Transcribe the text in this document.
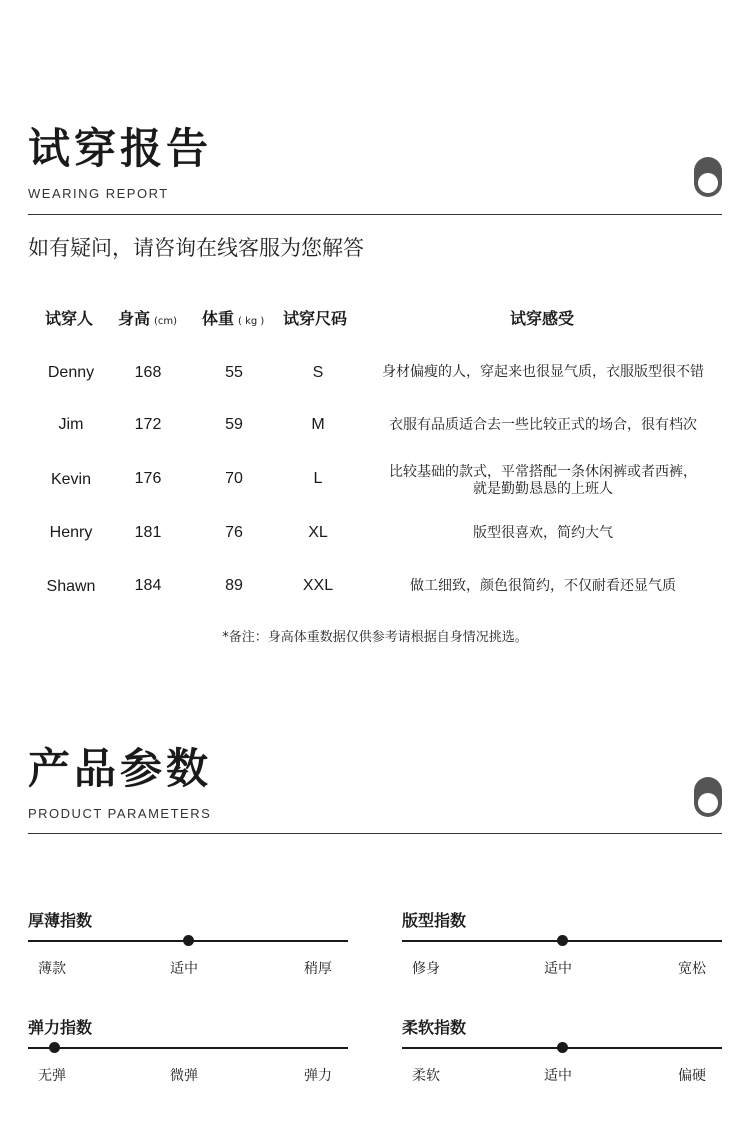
试穿报告
WEARING REPORT
如有疑问，请咨询在线客服为您解答
试穿人 身高 (cm) 体重 ( kg ) 试穿尺码	试穿感受
Denny	168	55	S	身材偏瘦的人，穿起来也很显气质，衣服版型很不错
Jim	172	59	M	衣服有品质适合去一些比较正式的场合，很有档次
Kevin	176	70	L	比较基础的款式，平常搭配一条休闲裤或者西裤，
就是勤勤恳恳的上班人
Henry	181	76	XL	版型很喜欢，简约大气
Shawn	184	89	XXL	做工细致，颜色很简约，不仅耐看还显气质
*备注：身高体重数据仅供参考请根据自身情况挑选。
产品参数
PRODUCT PARAMETERS
厚薄指数
薄款	适中	稍厚
版型指数
修身	适中	宽松
弹力指数
无弹	微弹	弹力
柔软指数
柔软	适中	偏硬
